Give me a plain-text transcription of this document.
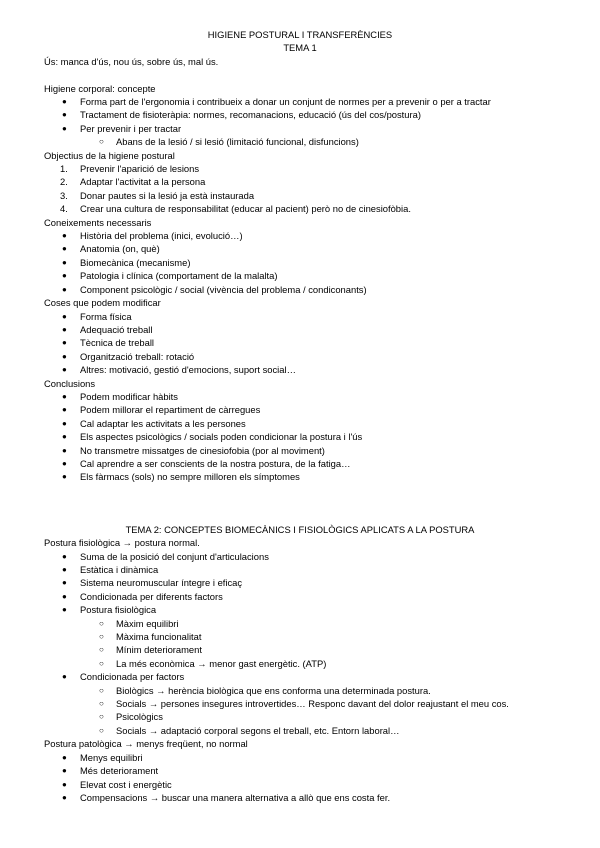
HIGIENE POSTURAL I TRANSFERÈNCIES
TEMA 1
Ús: manca d'ús, nou ús, sobre ús, mal ús.
Higiene corporal: concepte
● Forma part de l'ergonomia i contribueix a donar un conjunt de normes per a prevenir o per a tractar
● Tractament de fisioteràpia: normes, recomanacions, educació (ús del cos/postura)
● Per prevenir i per tractar
○ Abans de la lesió / si lesió (limitació funcional, disfuncions)
Objectius de la higiene postural
1. Prevenir l'aparició de lesions
2. Adaptar l'activitat a la persona
3. Donar pautes si la lesió ja està instaurada
4. Crear una cultura de responsabilitat (educar al pacient) però no de cinesiofòbia.
Coneixements necessaris
● Història del problema (inici, evolució…)
● Anatomia (on, què)
● Biomecànica (mecanisme)
● Patologia i clínica (comportament de la malalta)
● Component psicològic / social (vivència del problema / condiconants)
Coses que podem modificar
● Forma física
● Adequació treball
● Tècnica de treball
● Organització treball: rotació
● Altres: motivació, gestió d'emocions, suport social…
Conclusions
● Podem modificar hàbits
● Podem millorar el repartiment de càrregues
● Cal adaptar les activitats a les persones
● Els aspectes psicològics / socials poden condicionar la postura i l'ús
● No transmetre missatges de cinesiofobia (por al moviment)
● Cal aprendre a ser conscients de la nostra postura, de la fatiga…
● Els fàrmacs (sols) no sempre milloren els símptomes
TEMA 2: CONCEPTES BIOMECÀNICS I FISIOLÒGICS APLICATS A LA POSTURA
Postura fisiològica → postura normal.
● Suma de la posició del conjunt d'articulacions
● Estàtica i dinàmica
● Sistema neuromuscular íntegre i eficaç
● Condicionada per diferents factors
● Postura fisiològica
○ Màxim equilibri
○ Màxima funcionalitat
○ Mínim deteriorament
○ La més econòmica → menor gast energètic. (ATP)
● Condicionada per factors
○ Biològics → herència biològica que ens conforma una determinada postura.
○ Socials → persones insegures introvertides… Responc davant del dolor reajustant el meu cos.
○ Psicològics
○ Socials → adaptació corporal segons el treball, etc. Entorn laboral…
Postura patològica → menys freqüent, no normal
● Menys equilibri
● Més deteriorament
● Elevat cost i energètic
● Compensacions → buscar una manera alternativa a allò que ens costa fer.
